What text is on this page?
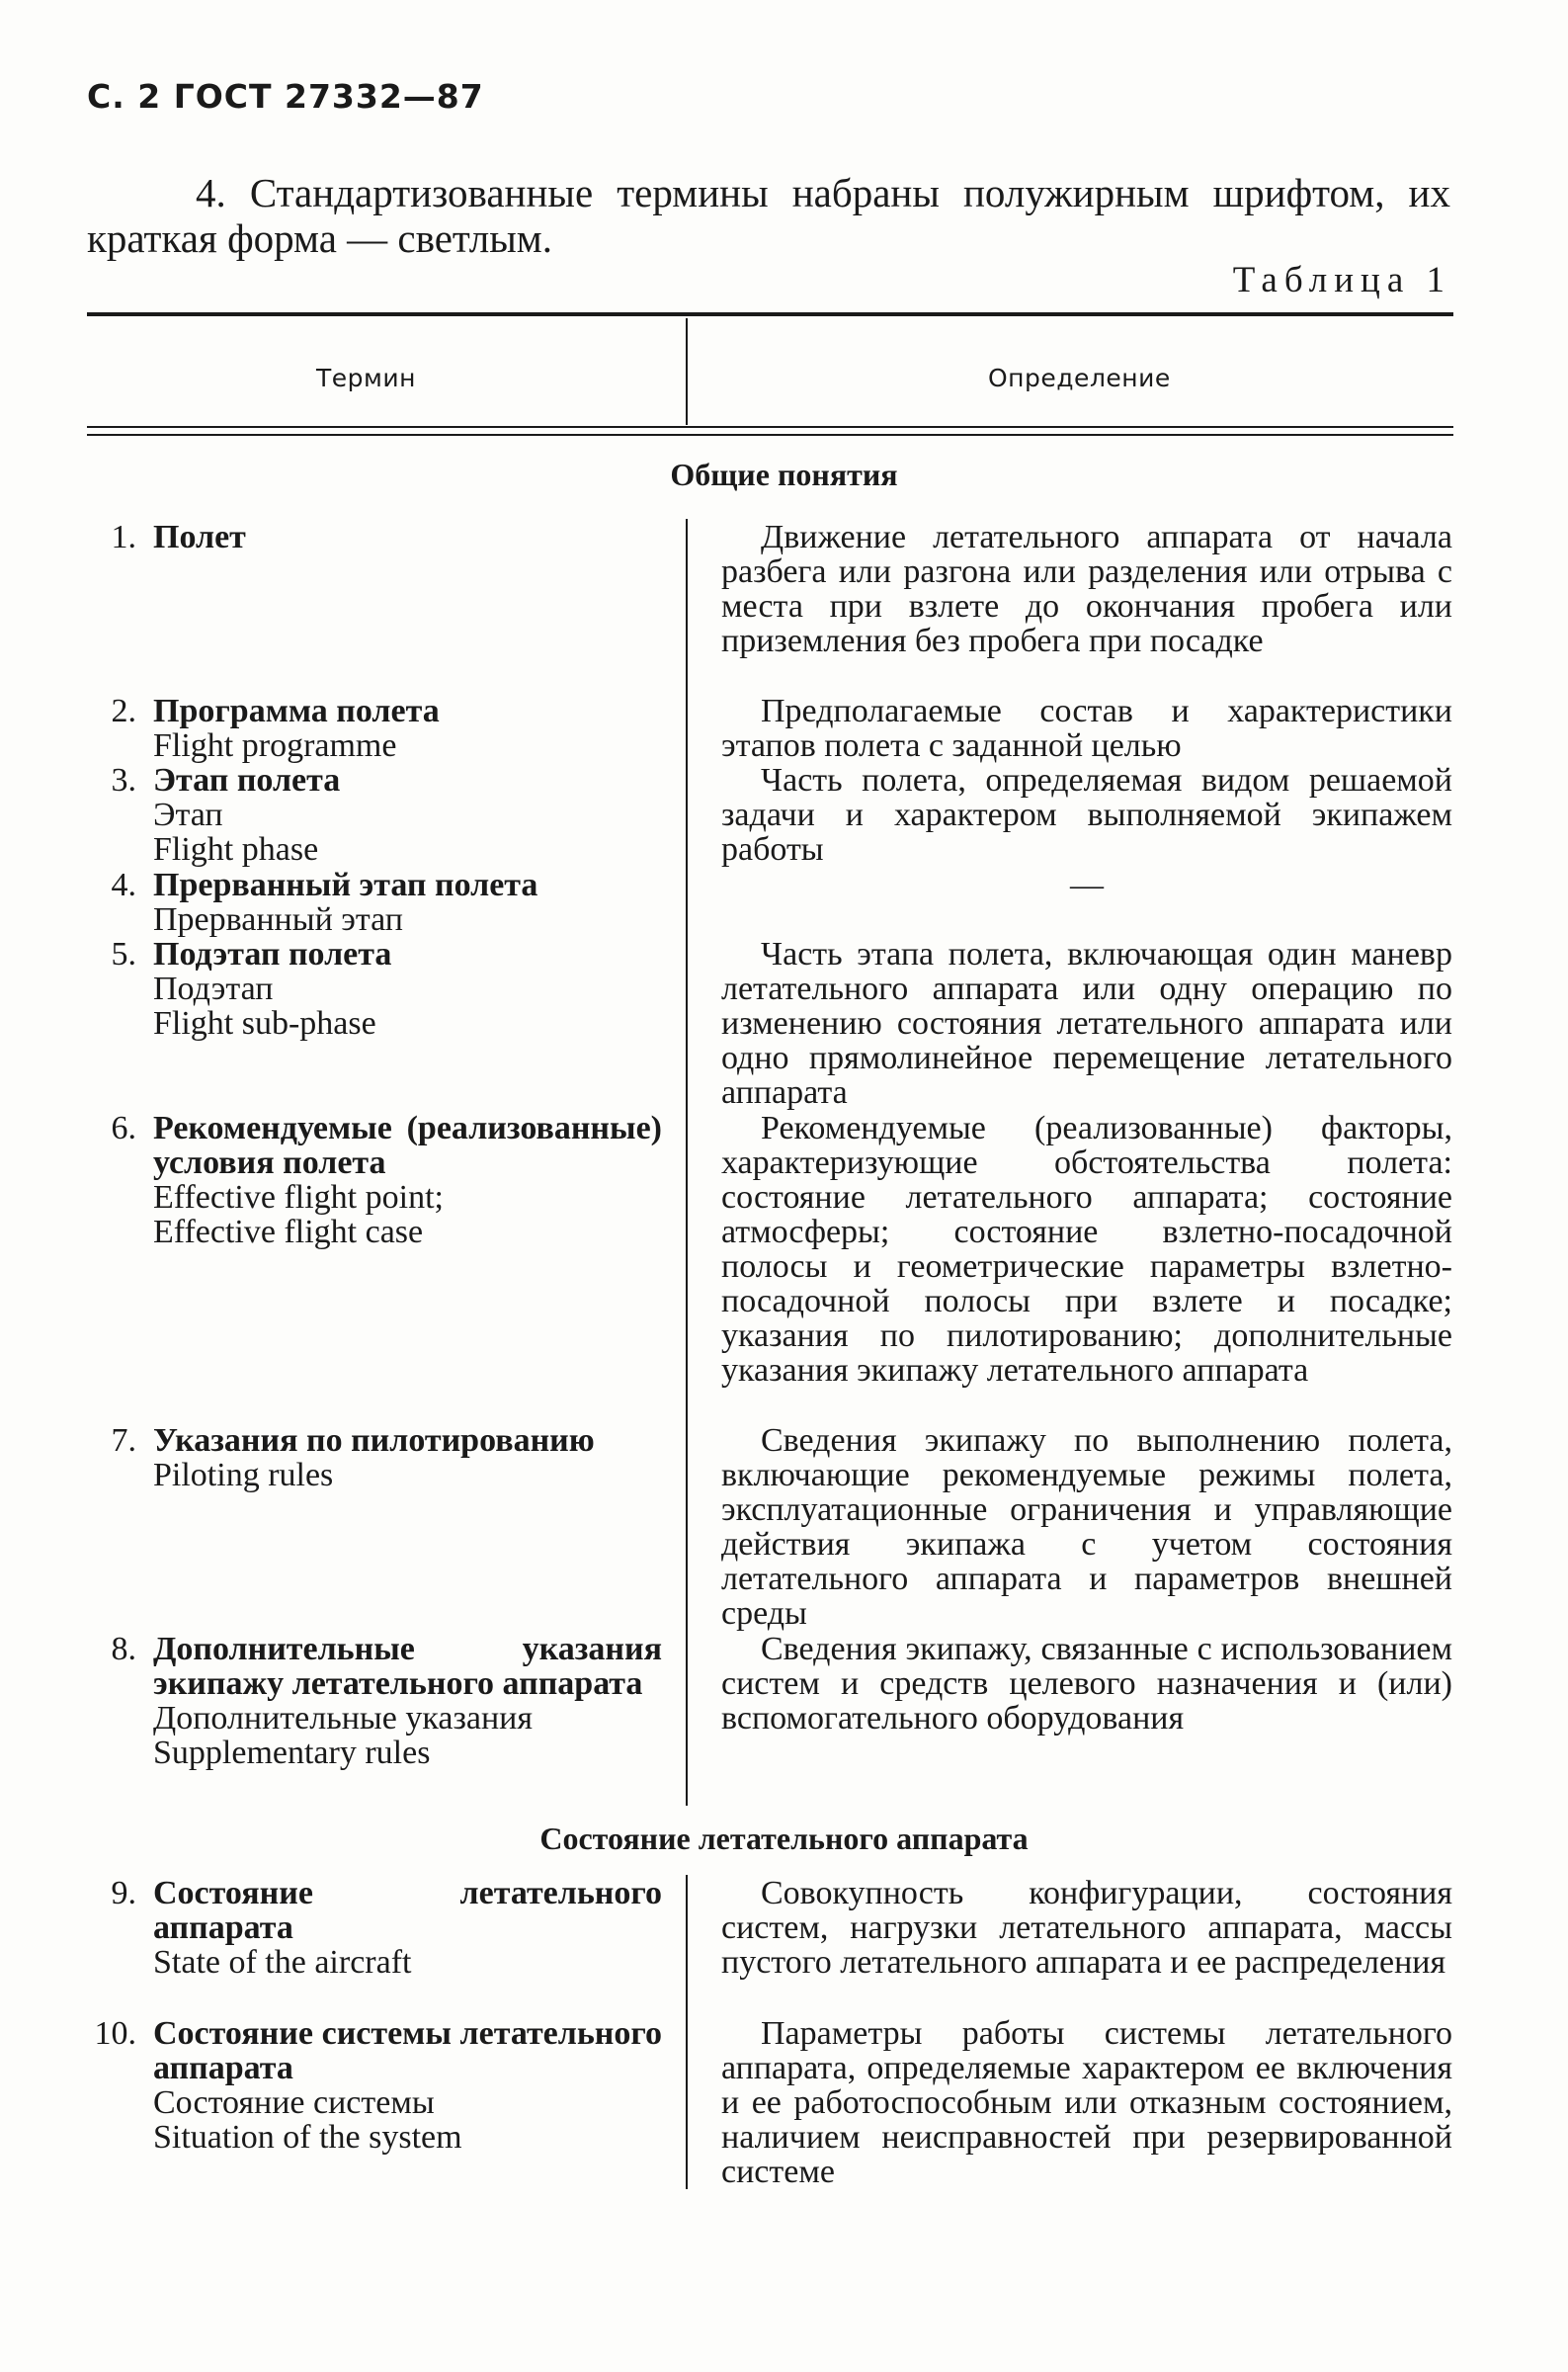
С. 2 ГОСТ 27332—87
4. Стандартизованные термины набраны полужирным шрифтом, их краткая форма — светлым.
Таблица 1
Термин	Определение
Общие понятия
Состояние летательного аппарата
1. Полет	Движение летательного аппарата от начала разбега или разгона или разделения или отрыва с места при взлете до окончания пробега или приземления без пробега при посадке
2. Программа полета
Flight programme
Предполагаемые состав и характеристики этапов полета с заданной целью
3. Этап полета
Этап
Flight phase
Часть полета, определяемая видом решаемой задачи и характером выполняемой экипажем работы
4. Прерванный этап полета
Прерванный этап
—
5. Подэтап полета
Подэтап
Flight sub-phase
Часть этапа полета, включающая один маневр летательного аппарата или одну операцию по изменению состояния летательного аппарата или одно прямолинейное перемещение летательного аппарата
6. Рекомендуемые (реализованные) условия полета
Effective flight point;
Effective flight case
Рекомендуемые (реализованные) факторы, характеризующие обстоятельства полета: состояние летательного аппарата; состояние атмосферы; состояние взлетно-посадочной полосы и геометрические параметры взлетно-посадочной полосы при взлете и посадке; указания по пилотированию; дополнительные указания экипажу летательного аппарата
7. Указания по пилотированию
Piloting rules
Сведения экипажу по выполнению полета, включающие рекомендуемые режимы полета, эксплуатационные ограничения и управляющие действия экипажа с учетом состояния летательного аппарата и параметров внешней среды
8. Дополнительные указания экипажу летательного аппарата
Дополнительные указания
Supplementary rules
Сведения экипажу, связанные с использованием систем и средств целевого назначения и (или) вспомогательного оборудования
9. Состояние летательного аппарата
State of the aircraft
Совокупность конфигурации, состояния систем, нагрузки летательного аппарата, массы пустого летательного аппарата и ее распределения
10. Состояние системы летательного аппарата
Состояние системы
Situation of the system
Параметры работы системы летательного аппарата, определяемые характером ее включения и ее работоспособным или отказным состоянием, наличием неисправностей при резервированной системе
